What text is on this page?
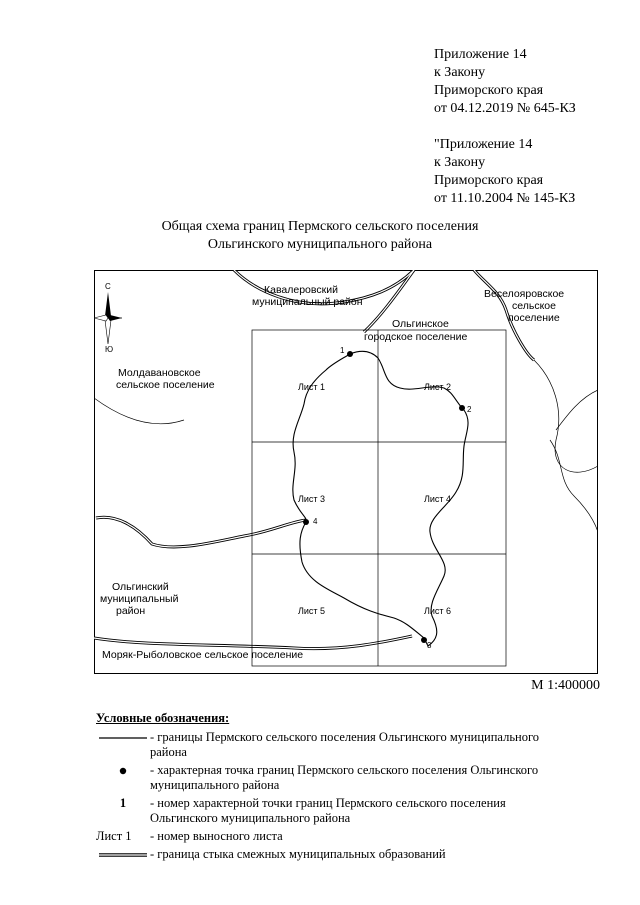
Приложение 14
к Закону
Приморского края
от 04.12.2019 № 645-КЗ
"Приложение 14
к Закону
Приморского края
от 11.10.2004 № 145-КЗ
Общая схема границ Пермского сельского поселения
Ольгинского муниципального района
С
Ю	1
2
3
4
Лист 1	Лист 2
Лист 3	Лист 4
Лист 5	Лист 6
Кавалеровский
муниципальный район
Веселояровское
сельское
поселение
Ольгинское
городское поселение
Молдавановское
сельское поселение
Ольгинский
муниципальный
район
Моряк-Рыболовское сельское поселение
М 1:400000
Условные обозначения:
- границы Пермского сельского поселения Ольгинского муниципального
района
- характерная точка границ Пермского сельского поселения Ольгинского
муниципального района
1	- номер характерной точки границ Пермского сельского поселения
Ольгинского муниципального района
Лист 1	- номер выносного листа
- граница стыка смежных муниципальных образований
